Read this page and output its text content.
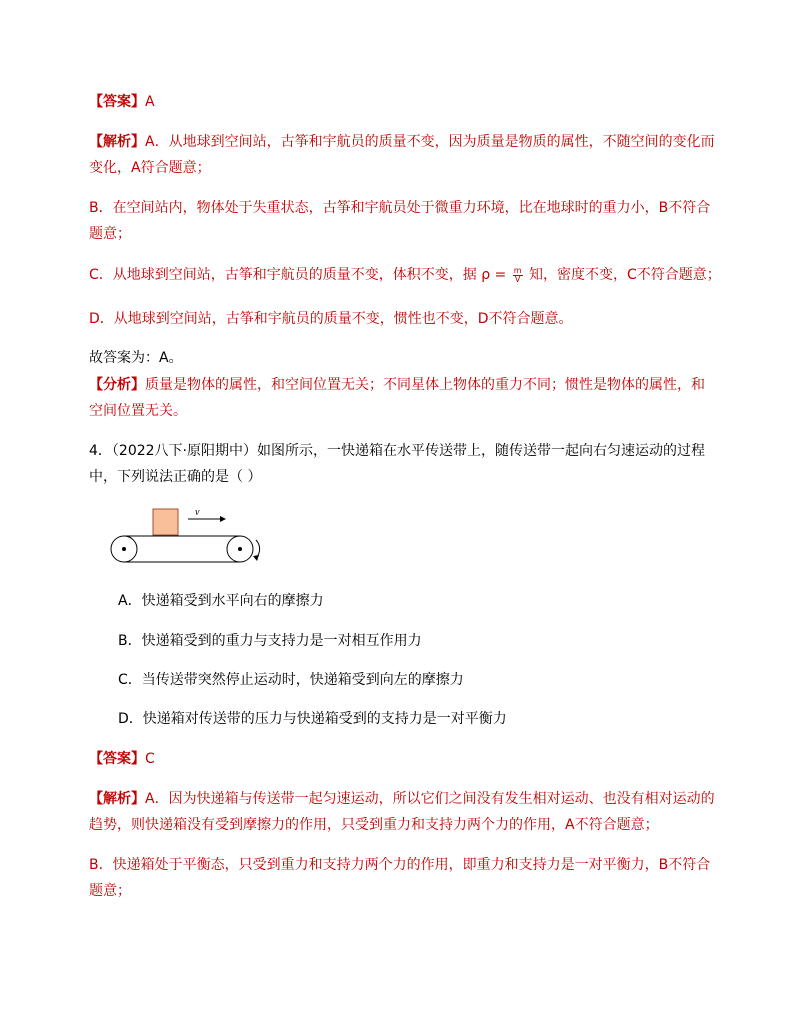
【答案】A
【解析】A．从地球到空间站，古筝和宇航员的质量不变，因为质量是物质的属性，不随空间的变化而
变化，A符合题意；
B．在空间站内，物体处于失重状态，古筝和宇航员处于微重力环境，比在地球时的重力小，B不符合
题意；
C．从地球到空间站，古筝和宇航员的质量不变，体积不变，据 $\rho = \frac{m}{V}$ 知，密度不变，C不符合题意；
D．从地球到空间站，古筝和宇航员的质量不变，惯性也不变，D不符合题意。
故答案为：A。
【分析】质量是物体的属性，和空间位置无关；不同星体上物体的重力不同；惯性是物体的属性，和
空间位置无关。
4．（2022八下·原阳期中）如图所示，一快递箱在水平传送带上，随传送带一起向右匀速运动的过程
中，下列说法正确的是（ ）
v
A．快递箱受到水平向右的摩擦力
B．快递箱受到的重力与支持力是一对相互作用力
C．当传送带突然停止运动时，快递箱受到向左的摩擦力
D．快递箱对传送带的压力与快递箱受到的支持力是一对平衡力
【答案】C
【解析】A．因为快递箱与传送带一起匀速运动，所以它们之间没有发生相对运动、也没有相对运动的
趋势，则快递箱没有受到摩擦力的作用，只受到重力和支持力两个力的作用，A不符合题意；
B．快递箱处于平衡态，只受到重力和支持力两个力的作用，即重力和支持力是一对平衡力，B不符合
题意；
